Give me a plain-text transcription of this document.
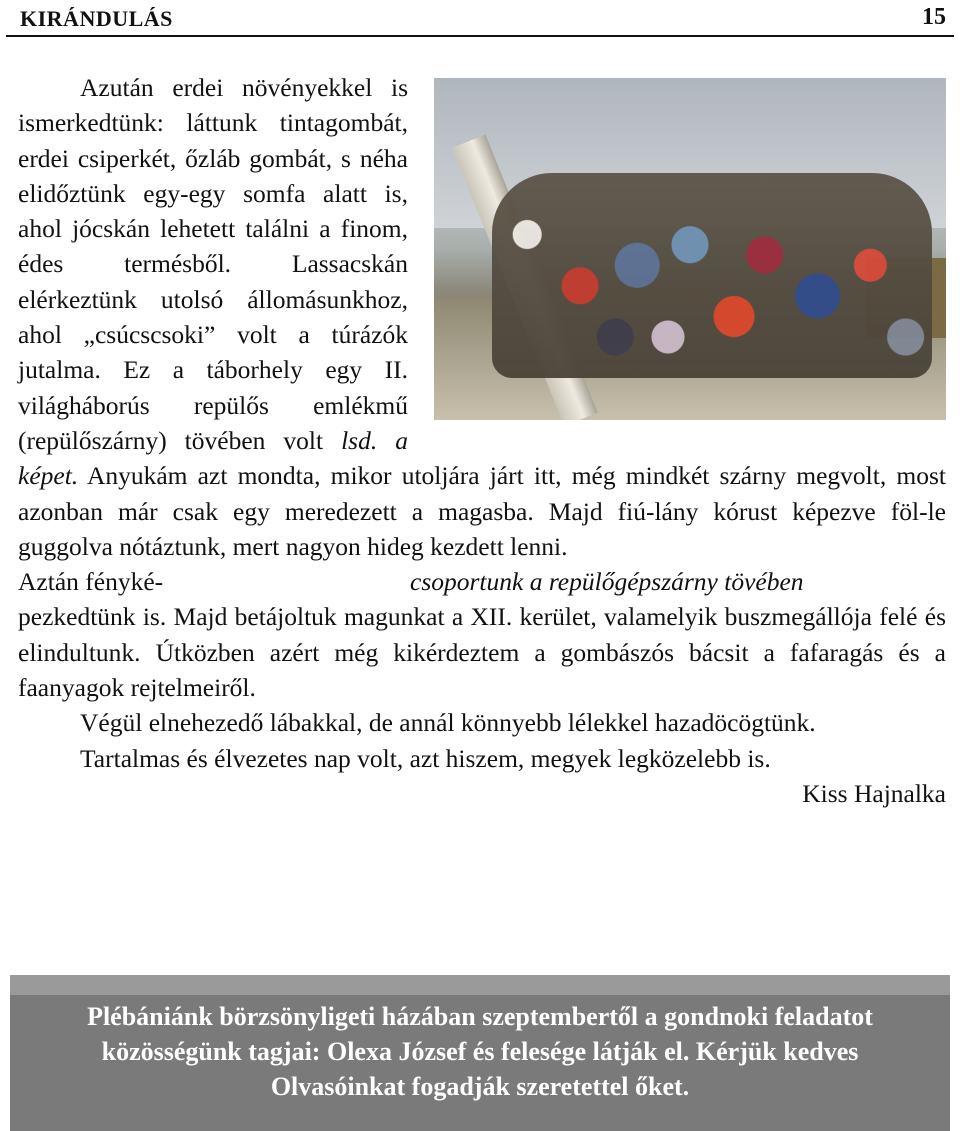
KIRÁNDULÁS	15

Azután erdei növényekkel is ismerkedtünk: láttunk tintagombát, erdei csiperkét, őzláb gombát, s néha elidőztünk egy-egy somfa alatt is, ahol jócskán lehetett találni a finom, édes termésből. Lassacskán elérkeztünk utolsó állomásunkhoz, ahol „csúcscsoki” volt a túrázók jutalma. Ez a táborhely egy II. világháborús repülős emlékmű (repülőszárny) tövében volt lsd. a képet. Anyukám azt mondta, mikor utoljára járt itt, még mindkét szárny megvolt, most azonban már csak egy meredezett a magasba. Majd fiú-lány kórust képezve föl-le guggolva nótáztunk, mert nagyon hideg kezdett lenni.

Aztán fényké-	csoportunk a repülőgépszárny tövében

pezkedtünk is. Majd betájoltuk magunkat a XII. kerület, valamelyik buszmegállója felé és elindultunk. Útközben azért még kikérdeztem a gombászós bácsit a fafaragás és a faanyagok rejtelmeiről.

Végül elnehezedő lábakkal, de annál könnyebb lélekkel hazadöcögtünk.

Tartalmas és élvezetes nap volt, azt hiszem, megyek legközelebb is.

Kiss Hajnalka

Plébániánk börzsönyligeti házában szeptembertől a gondnoki feladatot
közösségünk tagjai: Olexa József és felesége látják el. Kérjük kedves
Olvasóinkat fogadják szeretettel őket.
